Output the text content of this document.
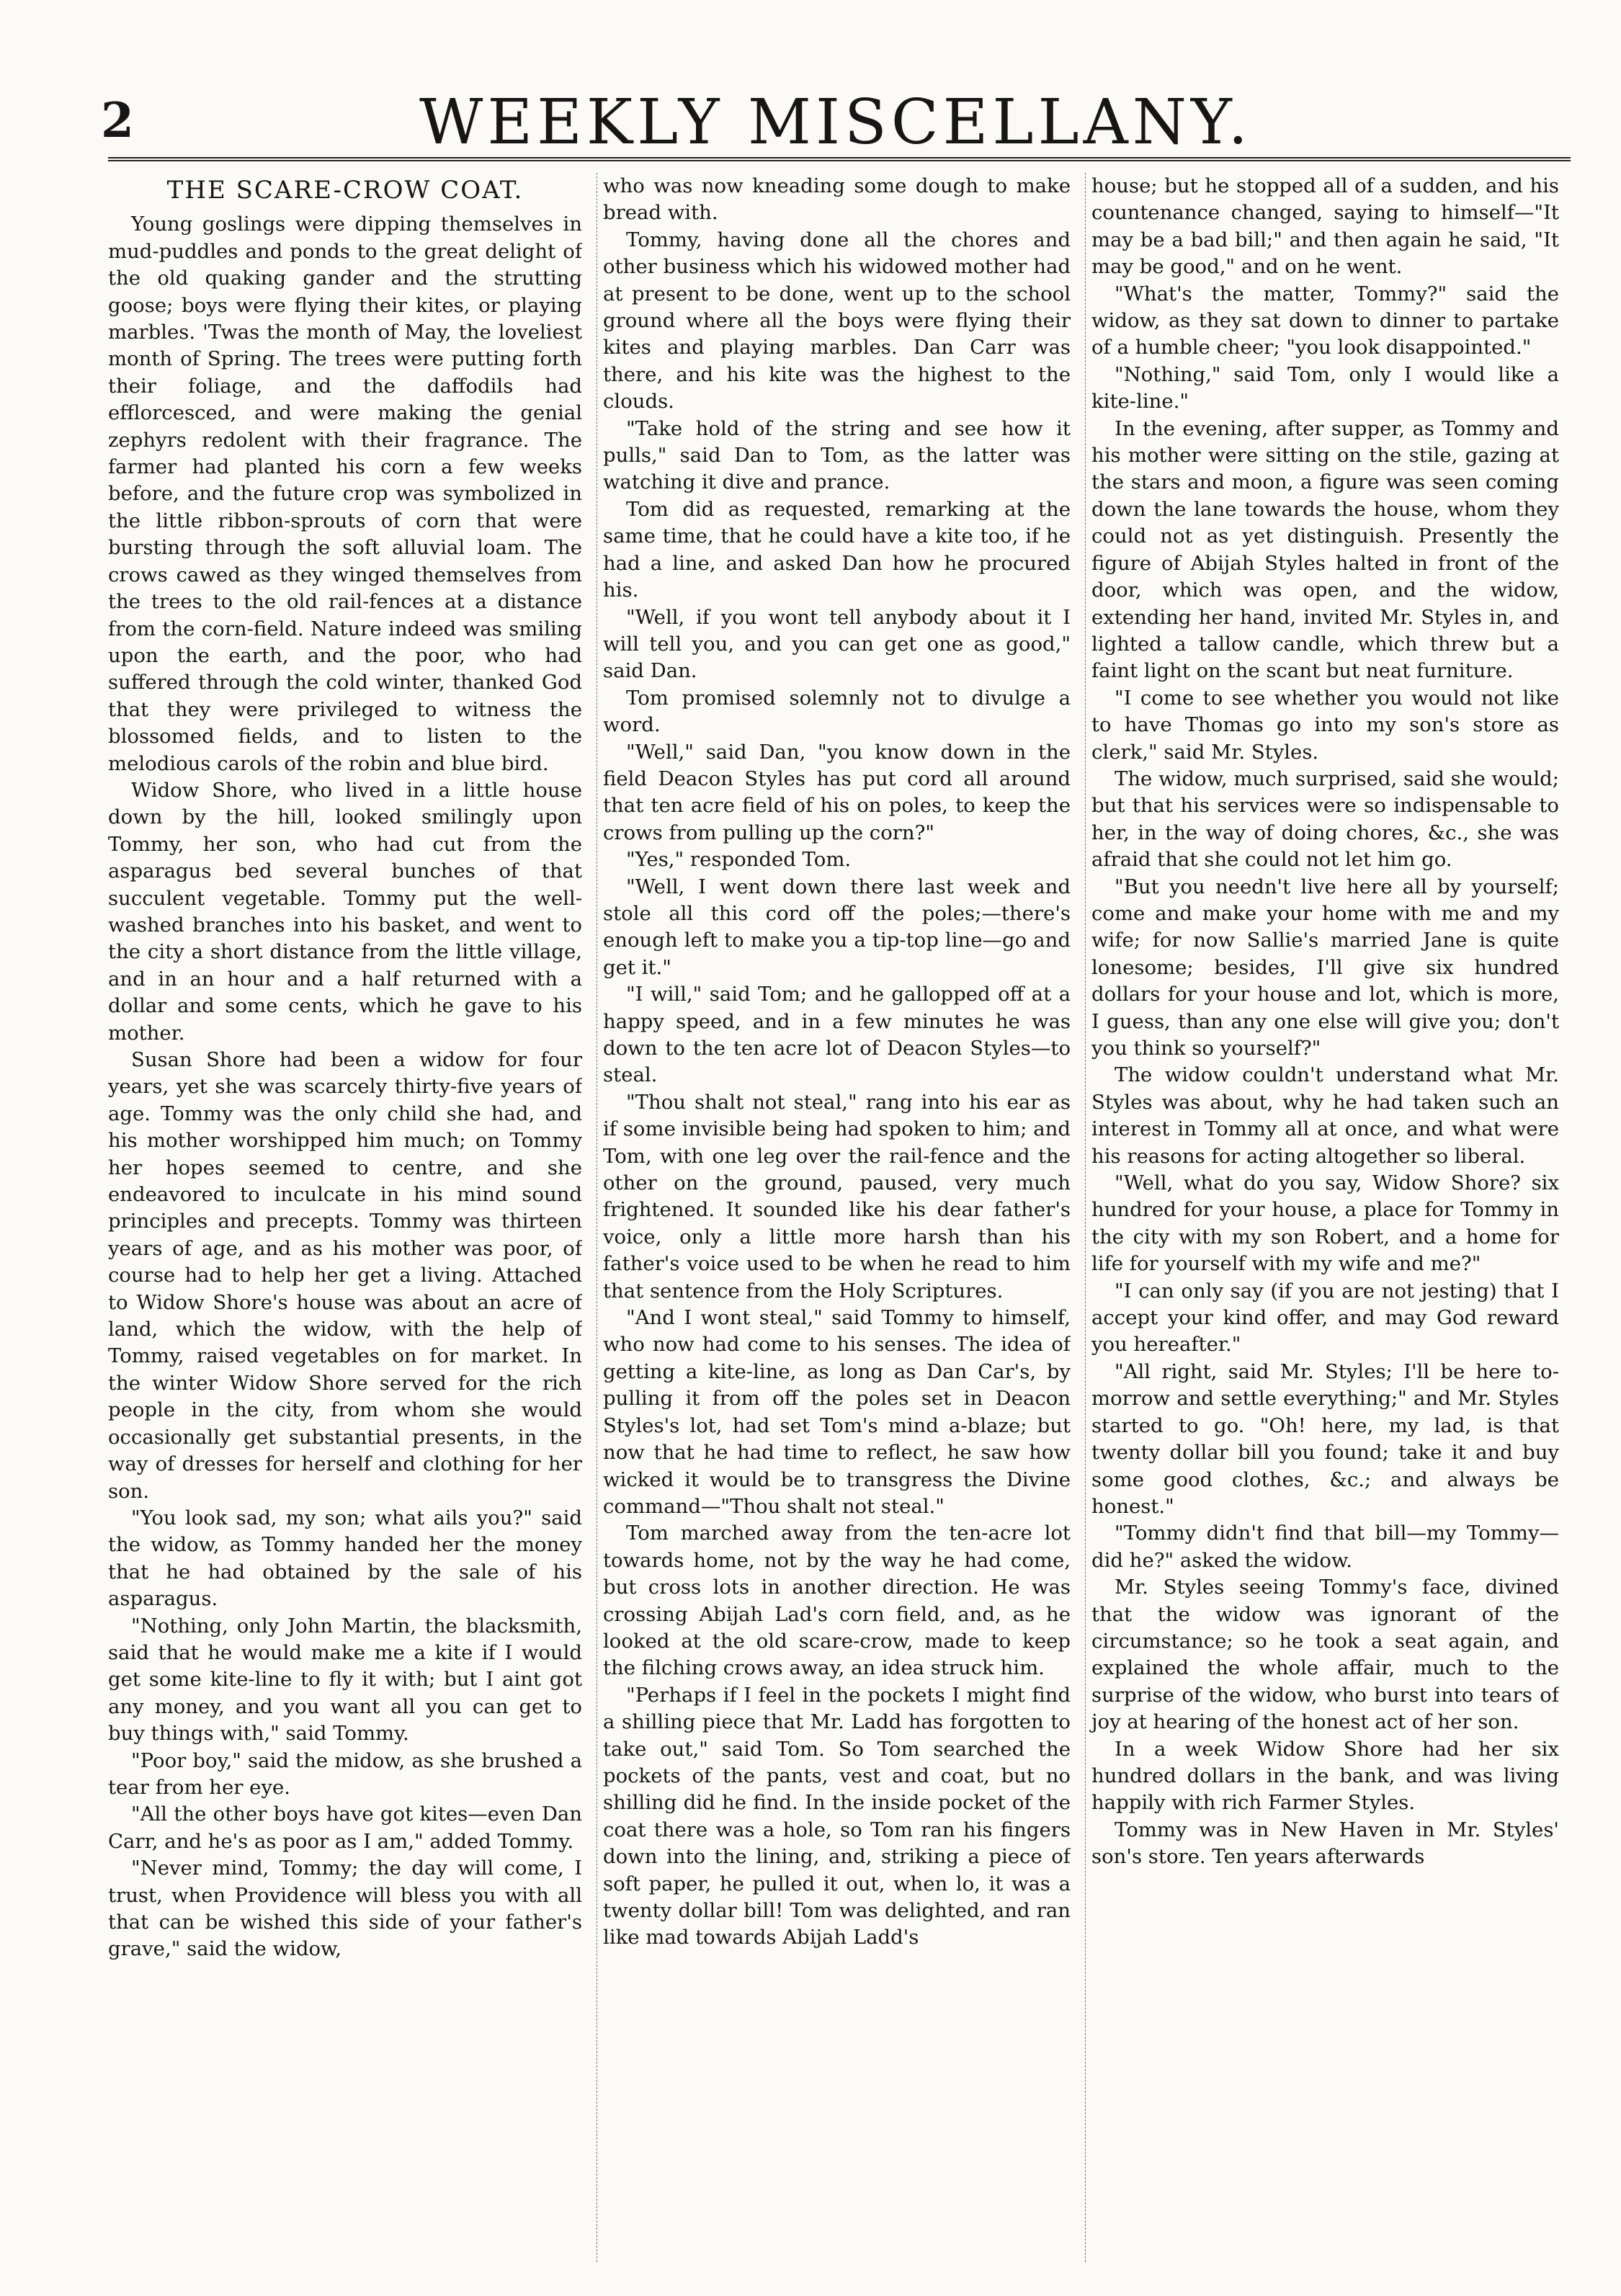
2	WEEKLY MISCELLANY.
THE SCARE-CROW COAT.

Young goslings were dipping themselves in mud-puddles and ponds to the great delight of the old quaking gander and the strutting goose; boys were flying their kites, or playing marbles. 'Twas the month of May, the loveliest month of Spring. The trees were putting forth their foliage, and the daffodils had efflorcesced, and were making the genial zephyrs redolent with their fragrance. The farmer had planted his corn a few weeks before, and the future crop was symbolized in the little ribbon-sprouts of corn that were bursting through the soft alluvial loam. The crows cawed as they winged themselves from the trees to the old rail-fences at a distance from the corn-field. Nature indeed was smiling upon the earth, and the poor, who had suffered through the cold winter, thanked God that they were privileged to witness the blossomed fields, and to listen to the melodious carols of the robin and blue bird.

Widow Shore, who lived in a little house down by the hill, looked smilingly upon Tommy, her son, who had cut from the asparagus bed several bunches of that succulent vegetable. Tommy put the well-washed branches into his basket, and went to the city a short distance from the little village, and in an hour and a half returned with a dollar and some cents, which he gave to his mother.

Susan Shore had been a widow for four years, yet she was scarcely thirty-five years of age. Tommy was the only child she had, and his mother worshipped him much; on Tommy her hopes seemed to centre, and she endeavored to inculcate in his mind sound principles and precepts. Tommy was thirteen years of age, and as his mother was poor, of course had to help her get a living. Attached to Widow Shore's house was about an acre of land, which the widow, with the help of Tommy, raised vegetables on for market. In the winter Widow Shore served for the rich people in the city, from whom she would occasionally get substantial presents, in the way of dresses for herself and clothing for her son.

"You look sad, my son; what ails you?" said the widow, as Tommy handed her the money that he had obtained by the sale of his asparagus.

"Nothing, only John Martin, the blacksmith, said that he would make me a kite if I would get some kite-line to fly it with; but I aint got any money, and you want all you can get to buy things with," said Tommy.

"Poor boy," said the midow, as she brushed a tear from her eye.

"All the other boys have got kites—even Dan Carr, and he's as poor as I am," added Tommy.

"Never mind, Tommy; the day will come, I trust, when Providence will bless you with all that can be wished this side of your father's grave," said the widow,

who was now kneading some dough to make bread with.

Tommy, having done all the chores and other business which his widowed mother had at present to be done, went up to the school ground where all the boys were flying their kites and playing marbles. Dan Carr was there, and his kite was the highest to the clouds.

"Take hold of the string and see how it pulls," said Dan to Tom, as the latter was watching it dive and prance.

Tom did as requested, remarking at the same time, that he could have a kite too, if he had a line, and asked Dan how he procured his.

"Well, if you wont tell anybody about it I will tell you, and you can get one as good," said Dan.

Tom promised solemnly not to divulge a word.

"Well," said Dan, "you know down in the field Deacon Styles has put cord all around that ten acre field of his on poles, to keep the crows from pulling up the corn?"

"Yes," responded Tom.

"Well, I went down there last week and stole all this cord off the poles;—there's enough left to make you a tip-top line—go and get it."

"I will," said Tom; and he gallopped off at a happy speed, and in a few minutes he was down to the ten acre lot of Deacon Styles—to steal.

"Thou shalt not steal," rang into his ear as if some invisible being had spoken to him; and Tom, with one leg over the rail-fence and the other on the ground, paused, very much frightened. It sounded like his dear father's voice, only a little more harsh than his father's voice used to be when he read to him that sentence from the Holy Scriptures.

"And I wont steal," said Tommy to himself, who now had come to his senses. The idea of getting a kite-line, as long as Dan Car's, by pulling it from off the poles set in Deacon Styles's lot, had set Tom's mind a-blaze; but now that he had time to reflect, he saw how wicked it would be to transgress the Divine command—"Thou shalt not steal."

Tom marched away from the ten-acre lot towards home, not by the way he had come, but cross lots in another direction. He was crossing Abijah Lad's corn field, and, as he looked at the old scare-crow, made to keep the filching crows away, an idea struck him.

"Perhaps if I feel in the pockets I might find a shilling piece that Mr. Ladd has forgotten to take out," said Tom. So Tom searched the pockets of the pants, vest and coat, but no shilling did he find. In the inside pocket of the coat there was a hole, so Tom ran his fingers down into the lining, and, striking a piece of soft paper, he pulled it out, when lo, it was a twenty dollar bill! Tom was delighted, and ran like mad towards Abijah Ladd's

house; but he stopped all of a sudden, and his countenance changed, saying to himself—"It may be a bad bill;" and then again he said, "It may be good," and on he went.

"What's the matter, Tommy?" said the widow, as they sat down to dinner to partake of a humble cheer; "you look disappointed."

"Nothing," said Tom, only I would like a kite-line."

In the evening, after supper, as Tommy and his mother were sitting on the stile, gazing at the stars and moon, a figure was seen coming down the lane towards the house, whom they could not as yet distinguish. Presently the figure of Abijah Styles halted in front of the door, which was open, and the widow, extending her hand, invited Mr. Styles in, and lighted a tallow candle, which threw but a faint light on the scant but neat furniture.

"I come to see whether you would not like to have Thomas go into my son's store as clerk," said Mr. Styles.

The widow, much surprised, said she would; but that his services were so indispensable to her, in the way of doing chores, &c., she was afraid that she could not let him go.

"But you needn't live here all by yourself; come and make your home with me and my wife; for now Sallie's married Jane is quite lonesome; besides, I'll give six hundred dollars for your house and lot, which is more, I guess, than any one else will give you; don't you think so yourself?"

The widow couldn't understand what Mr. Styles was about, why he had taken such an interest in Tommy all at once, and what were his reasons for acting altogether so liberal.

"Well, what do you say, Widow Shore? six hundred for your house, a place for Tommy in the city with my son Robert, and a home for life for yourself with my wife and me?"

"I can only say (if you are not jesting) that I accept your kind offer, and may God reward you hereafter."

"All right, said Mr. Styles; I'll be here to-morrow and settle everything;" and Mr. Styles started to go. "Oh! here, my lad, is that twenty dollar bill you found; take it and buy some good clothes, &c.; and always be honest."

"Tommy didn't find that bill—my Tommy—did he?" asked the widow.

Mr. Styles seeing Tommy's face, divined that the widow was ignorant of the circumstance; so he took a seat again, and explained the whole affair, much to the surprise of the widow, who burst into tears of joy at hearing of the honest act of her son.

In a week Widow Shore had her six hundred dollars in the bank, and was living happily with rich Farmer Styles.

Tommy was in New Haven in Mr. Styles' son's store. Ten years afterwards
